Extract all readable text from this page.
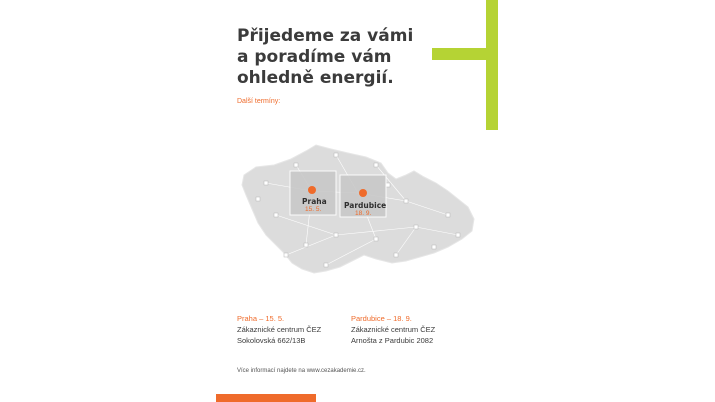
Přijedeme za vámi
a poradíme vám
ohledně energií.
Další termíny:
Praha
15. 5.	Pardubice
18. 9.
Praha – 15. 5.
Zákaznické centrum ČEZ
Sokolovská 662/13B
Pardubice – 18. 9.
Zákaznické centrum ČEZ
Arnošta z Pardubic 2082
Více informací najdete na www.cezakademie.cz.
